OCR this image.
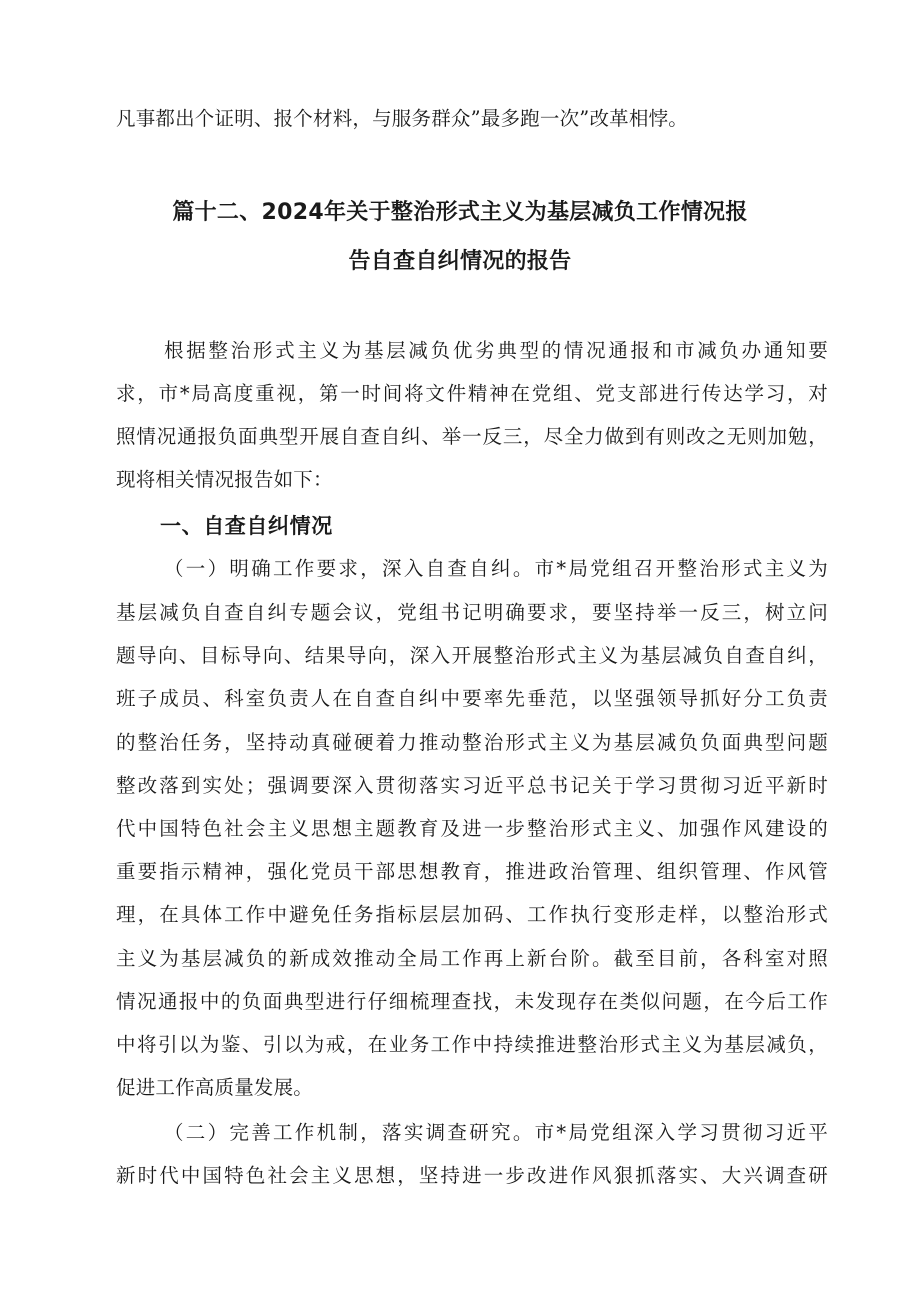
凡事都出个证明、报个材料，与服务群众”最多跑一次”改革相悖。
篇十二、2024年关于整治形式主义为基层减负工作情况报
告自查自纠情况的报告
根据整治形式主义为基层减负优劣典型的情况通报和市减负办通知要
求，市*局高度重视，第一时间将文件精神在党组、党支部进行传达学习，对
照情况通报负面典型开展自查自纠、举一反三，尽全力做到有则改之无则加勉，
现将相关情况报告如下：
一、自查自纠情况
（一）明确工作要求，深入自查自纠。市*局党组召开整治形式主义为
基层减负自查自纠专题会议，党组书记明确要求，要坚持举一反三，树立问
题导向、目标导向、结果导向，深入开展整治形式主义为基层减负自查自纠，
班子成员、科室负责人在自查自纠中要率先垂范，以坚强领导抓好分工负责
的整治任务，坚持动真碰硬着力推动整治形式主义为基层减负负面典型问题
整改落到实处；强调要深入贯彻落实习近平总书记关于学习贯彻习近平新时
代中国特色社会主义思想主题教育及进一步整治形式主义、加强作风建设的
重要指示精神，强化党员干部思想教育，推进政治管理、组织管理、作风管
理，在具体工作中避免任务指标层层加码、工作执行变形走样，以整治形式
主义为基层减负的新成效推动全局工作再上新台阶。截至目前，各科室对照
情况通报中的负面典型进行仔细梳理查找，未发现存在类似问题，在今后工作
中将引以为鉴、引以为戒，在业务工作中持续推进整治形式主义为基层减负，
促进工作高质量发展。
（二）完善工作机制，落实调查研究。市*局党组深入学习贯彻习近平
新时代中国特色社会主义思想，坚持进一步改进作风狠抓落实、大兴调查研
